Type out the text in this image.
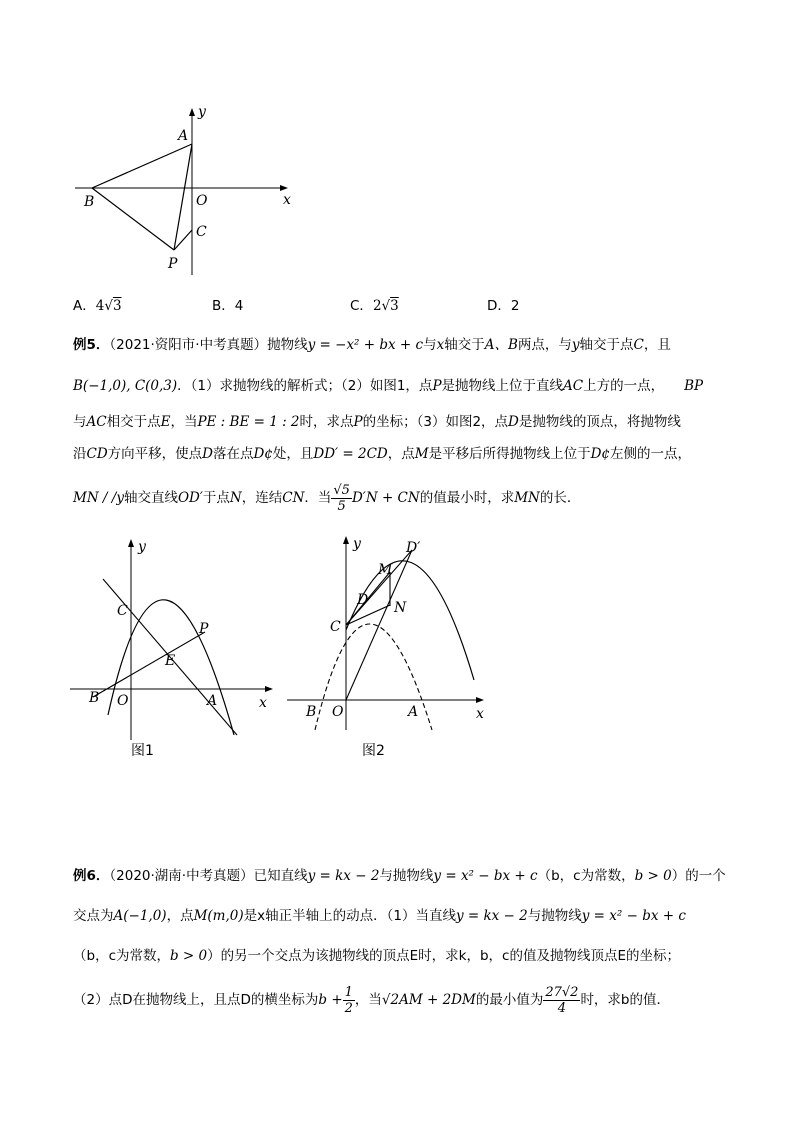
y
A
B	O	x
C
P
A．4√3	B．4	C．2√3	D．2
例5．（2021·资阳市·中考真题）抛物线y = −x² + bx + c与x轴交于A、B两点，与y轴交于点C，且
B(−1,0), C(0,3)．（1）求抛物线的解析式；（2）如图1，点P是抛物线上位于直线AC上方的一点， BP
与AC相交于点E，当PE : BE = 1 : 2时，求点P的坐标；（3）如图2，点D是抛物线的顶点，将抛物线
沿CD方向平移，使点D落在点D¢处，且DD′ = 2CD，点M是平移后所得抛物线上位于D¢左侧的一点，
MN / /y轴交直线OD′于点N，连结CN．当 $\frac{√5}{5} D'N$ + CN的值最小时，求MN的长．
y
C
P
E
B O	A	x
图1
y	D′
M
D N
C
B O	A	x
图2
例6．（2020·湖南·中考真题）已知直线y = kx − 2与抛物线y = x² − bx + c（b，c为常数，b > 0）的一个
交点为A(−1,0)，点M(m,0)是x轴正半轴上的动点．（1）当直线y = kx − 2与抛物线y = x² − bx + c
（b，c为常数，b > 0）的另一个交点为该抛物线的顶点E时，求k，b，c的值及抛物线顶点E的坐标；
（2）点D在抛物线上，且点D的横坐标为$b + \frac{1}{2}$ ，当√2AM + 2DM的最小值为 $\frac{27√2}{4}$ 时，求b的值．
